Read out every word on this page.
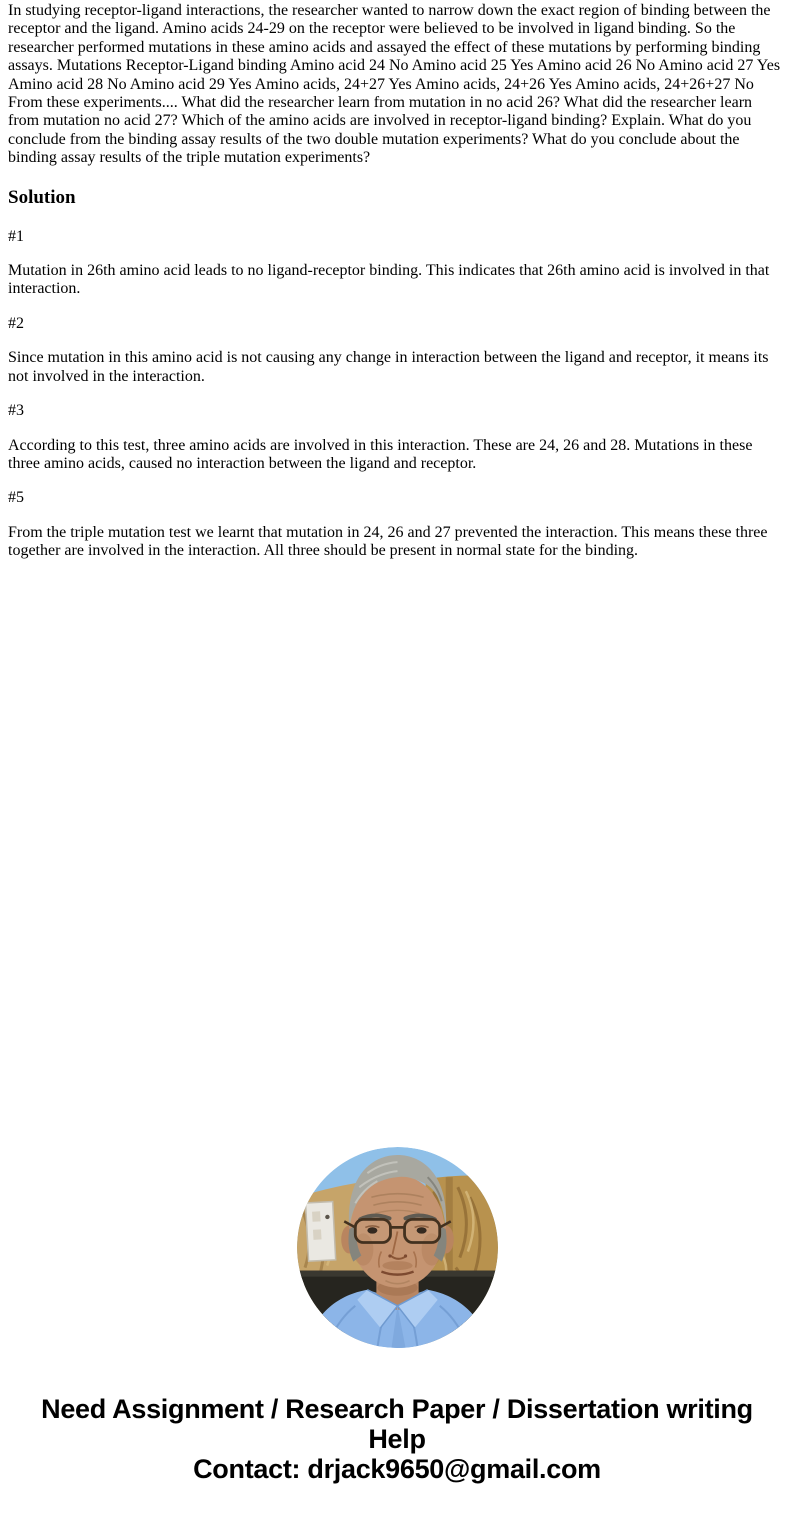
In studying receptor-ligand interactions, the researcher wanted to narrow down the exact region of binding between the receptor and the ligand. Amino acids 24-29 on the receptor were believed to be involved in ligand binding. So the researcher performed mutations in these amino acids and assayed the effect of these mutations by performing binding assays. Mutations Receptor-Ligand binding Amino acid 24 No Amino acid 25 Yes Amino acid 26 No Amino acid 27 Yes Amino acid 28 No Amino acid 29 Yes Amino acids, 24+27 Yes Amino acids, 24+26 Yes Amino acids, 24+26+27 No From these experiments.... What did the researcher learn from mutation in no acid 26? What did the researcher learn from mutation no acid 27? Which of the amino acids are involved in receptor-ligand binding? Explain. What do you conclude from the binding assay results of the two double mutation experiments? What do you conclude about the binding assay results of the triple mutation experiments?

Solution

#1

Mutation in 26th amino acid leads to no ligand-receptor binding. This indicates that 26th amino acid is involved in that interaction.

#2

Since mutation in this amino acid is not causing any change in interaction between the ligand and receptor, it means its not involved in the interaction.

#3

According to this test, three amino acids are involved in this interaction. These are 24, 26 and 28. Mutations in these three amino acids, caused no interaction between the ligand and receptor.

#5

From the triple mutation test we learnt that mutation in 24, 26 and 27 prevented the interaction. This means these three together are involved in the interaction. All three should be present in normal state for the binding.

Need Assignment / Research Paper / Dissertation writing Help
Contact: drjack9650@gmail.com
